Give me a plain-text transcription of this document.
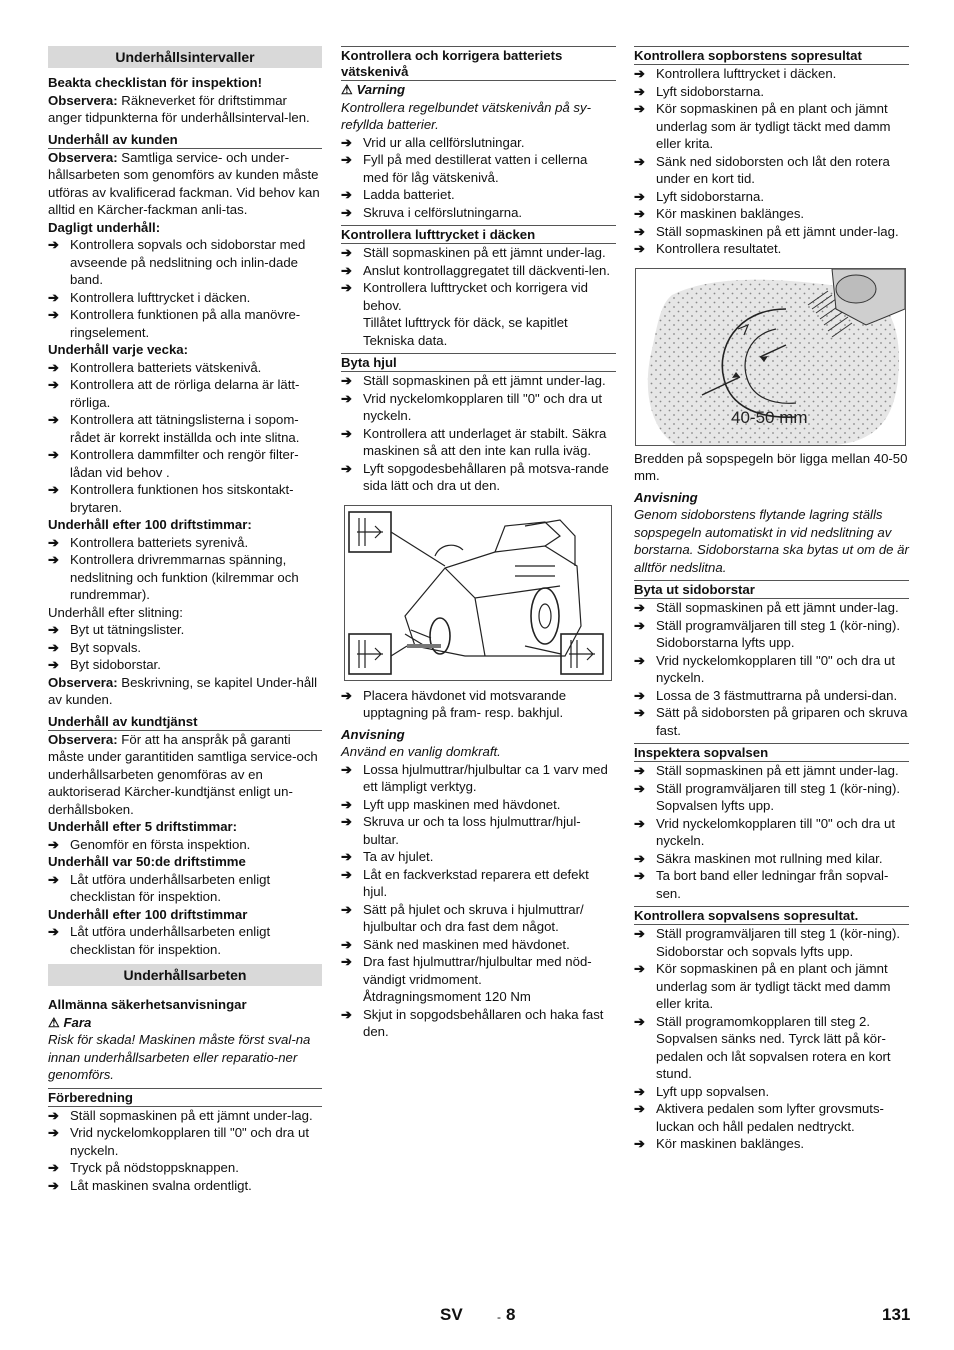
Underhållsintervaller

Beakta checklistan för inspektion!

Observera: Räkneverket för driftstimmar anger tidpunkterna för underhållsinterval-len.

Underhåll av kunden

Observera: Samtliga service- och under-hållsarbeten som genomförs av kunden måste utföras av kvalificerad fackman. Vid behov kan alltid en Kärcher-fackman anli-tas.

Dagligt underhåll:

➔ Kontrollera sopvals och sidoborstar med avseende på nedslitning och inlin-dade band.
➔ Kontrollera lufttrycket i däcken.
➔ Kontrollera funktionen på alla manövre-ringselement.

Underhåll varje vecka:

➔ Kontrollera batteriets vätskenivå.
➔ Kontrollera att de rörliga delarna är lätt-rörliga.
➔ Kontrollera att tätningslisterna i sopom-rådet är korrekt inställda och inte slitna.
➔ Kontrollera dammfilter och rengör filter-lådan vid behov .
➔ Kontrollera funktionen hos sitskontakt-brytaren.

Underhåll efter 100 driftstimmar:

➔ Kontrollera batteriets syrenivå.
➔ Kontrollera drivremmarnas spänning, nedslitning och funktion (kilremmar och rundremmar).

Underhåll efter slitning:

➔ Byt ut tätningslister.
➔ Byt sopvals.
➔ Byt sidoborstar.

Observera: Beskrivning, se kapitel Under-håll av kunden.

Underhåll av kundtjänst

Observera: För att ha anspråk på garanti måste under garantitiden samtliga service-och underhållsarbeten genomföras av en auktoriserad Kärcher-kundtjänst enligt un-derhållsboken.

Underhåll efter 5 driftstimmar:

➔ Genomför en första inspektion.

Underhåll var 50:de driftstimme

➔ Låt utföra underhållsarbeten enligt checklistan för inspektion.

Underhåll efter 100 driftstimmar

➔ Låt utföra underhållsarbeten enligt checklistan för inspektion.
Underhållsarbeten

Allmänna säkerhetsanvisningar

⚠ Fara

Risk för skada! Maskinen måste först sval-na innan underhållsarbeten eller reparatio-ner genomförs.

Förberedning
➔ Ställ sopmaskinen på ett jämnt under-lag.
➔ Vrid nyckelomkopplaren till "0" och dra ut nyckeln.
➔ Tryck på nödstoppsknappen.
➔ Låt maskinen svalna ordentligt.
Kontrollera och korrigera batteriets vätskenivå

⚠ Varning

Kontrollera regelbundet vätskenivån på sy-refyllda batterier.

➔ Vrid ur alla cellförslutningar.
➔ Fyll på med destillerat vatten i cellerna med för låg vätskenivå.
➔ Ladda batteriet.
➔ Skruva i celförslutningarna.
Kontrollera lufttrycket i däcken
➔ Ställ sopmaskinen på ett jämnt under-lag.
➔ Anslut kontrollaggregatet till däckventi-len.
➔ Kontrollera lufttrycket och korrigera vid behov.

Tillåtet lufttryck för däck, se kapitlet Tekniska data.

Byta hjul
➔ Ställ sopmaskinen på ett jämnt under-lag.
➔ Vrid nyckelomkopplaren till "0" och dra ut nyckeln.
➔ Kontrollera att underlaget är stabilt. Säkra maskinen så att den inte kan rulla iväg.
➔ Lyft sopgodesbehållaren på motsva-rande sida lätt och dra ut den.
➔ Placera hävdonet vid motsvarande upptagning på fram- resp. bakhjul.

Anvisning

Använd en vanlig domkraft.

➔ Lossa hjulmuttrar/hjulbultar ca 1 varv med ett lämpligt verktyg.
➔ Lyft upp maskinen med hävdonet.
➔ Skruva ur och ta loss hjulmuttrar/hjul-bultar.
➔ Ta av hjulet.
➔ Låt en fackverkstad reparera ett defekt hjul.
➔ Sätt på hjulet och skruva i hjulmuttrar/ hjulbultar och dra fast dem något.
➔ Sänk ned maskinen med hävdonet.
➔ Dra fast hjulmuttrar/hjulbultar med nöd-vändigt vridmoment.

Åtdragningsmoment 120 Nm

➔ Skjut in sopgodsbehållaren och haka fast den.
Kontrollera sopborstens sopresultat
➔ Kontrollera lufttrycket i däcken.
➔ Lyft sidoborstarna.
➔ Kör sopmaskinen på en plant och jämnt underlag som är tydligt täckt med damm eller krita.
➔ Sänk ned sidoborsten och låt den rotera under en kort tid.
➔ Lyft sidoborstarna.
➔ Kör maskinen baklänges.
➔ Ställ sopmaskinen på ett jämnt under-lag.
➔ Kontrollera resultatet.
40-50 mm

Bredden på sopspegeln bör ligga mellan 40-50 mm.

Anvisning

Genom sidoborstens flytande lagring ställs sopspegeln automatiskt in vid nedslitning av borstarna. Sidoborstarna ska bytas ut om de är alltför nedslitna.

Byta ut sidoborstar
➔ Ställ sopmaskinen på ett jämnt under-lag.
➔ Ställ programväljaren till steg 1 (kör-ning). Sidoborstarna lyfts upp.
➔ Vrid nyckelomkopplaren till "0" och dra ut nyckeln.
➔ Lossa de 3 fästmuttrarna på undersi-dan.
➔ Sätt på sidoborsten på griparen och skruva fast.
Inspektera sopvalsen
➔ Ställ sopmaskinen på ett jämnt under-lag.
➔ Ställ programväljaren till steg 1 (kör-ning). Sopvalsen lyfts upp.
➔ Vrid nyckelomkopplaren till "0" och dra ut nyckeln.
➔ Säkra maskinen mot rullning med kilar.
➔ Ta bort band eller ledningar från sopval-sen.
Kontrollera sopvalsens sopresultat.
➔ Ställ programväljaren till steg 1 (kör-ning). Sidoborstar och sopvals lyfts upp.
➔ Kör sopmaskinen på en plant och jämnt underlag som är tydligt täckt med damm eller krita.
➔ Ställ programomkopplaren till steg 2. Sopvalsen sänks ned. Tyrck lätt på kör-pedalen och låt sopvalsen rotera en kort stund.
➔ Lyft upp sopvalsen.
➔ Aktivera pedalen som lyfter grovsmuts-luckan och håll pedalen nedtryckt.
➔ Kör maskinen baklänges.
SV	- 8	131
